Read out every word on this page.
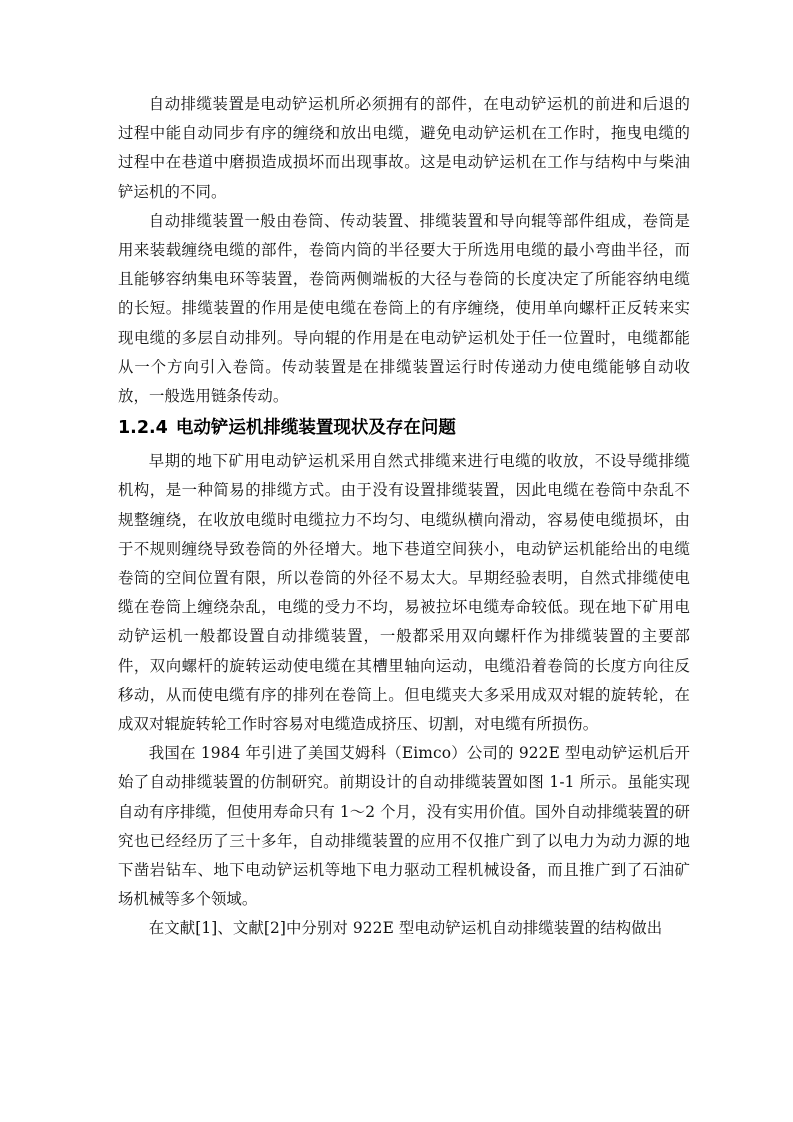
自动排缆装置是电动铲运机所必须拥有的部件，在电动铲运机的前进和后退的过程中能自动同步有序的缠绕和放出电缆，避免电动铲运机在工作时，拖曳电缆的过程中在巷道中磨损造成损坏而出现事故。这是电动铲运机在工作与结构中与柴油铲运机的不同。

自动排缆装置一般由卷筒、传动装置、排缆装置和导向辊等部件组成，卷筒是用来装载缠绕电缆的部件，卷筒内筒的半径要大于所选用电缆的最小弯曲半径，而且能够容纳集电环等装置，卷筒两侧端板的大径与卷筒的长度决定了所能容纳电缆的长短。排缆装置的作用是使电缆在卷筒上的有序缠绕，使用单向螺杆正反转来实现电缆的多层自动排列。导向辊的作用是在电动铲运机处于任一位置时，电缆都能从一个方向引入卷筒。传动装置是在排缆装置运行时传递动力使电缆能够自动收放，一般选用链条传动。

1.2.4 电动铲运机排缆装置现状及存在问题

早期的地下矿用电动铲运机采用自然式排缆来进行电缆的收放，不设导缆排缆机构，是一种简易的排缆方式。由于没有设置排缆装置，因此电缆在卷筒中杂乱不规整缠绕，在收放电缆时电缆拉力不均匀、电缆纵横向滑动，容易使电缆损坏，由于不规则缠绕导致卷筒的外径增大。地下巷道空间狭小，电动铲运机能给出的电缆卷筒的空间位置有限，所以卷筒的外径不易太大。早期经验表明，自然式排缆使电缆在卷筒上缠绕杂乱，电缆的受力不均，易被拉坏电缆寿命较低。现在地下矿用电动铲运机一般都设置自动排缆装置，一般都采用双向螺杆作为排缆装置的主要部件，双向螺杆的旋转运动使电缆在其槽里轴向运动，电缆沿着卷筒的长度方向往反移动，从而使电缆有序的排列在卷筒上。但电缆夹大多采用成双对辊的旋转轮，在成双对辊旋转轮工作时容易对电缆造成挤压、切割，对电缆有所损伤。

我国在 1984 年引进了美国艾姆科（Eimco）公司的 922E 型电动铲运机后开始了自动排缆装置的仿制研究。前期设计的自动排缆装置如图 1-1 所示。虽能实现自动有序排缆，但使用寿命只有 1～2 个月，没有实用价值。国外自动排缆装置的研究也已经经历了三十多年，自动排缆装置的应用不仅推广到了以电力为动力源的地下凿岩钻车、地下电动铲运机等地下电力驱动工程机械设备，而且推广到了石油矿场机械等多个领域。

在文献[1]、文献[2]中分别对 922E 型电动铲运机自动排缆装置的结构做出
